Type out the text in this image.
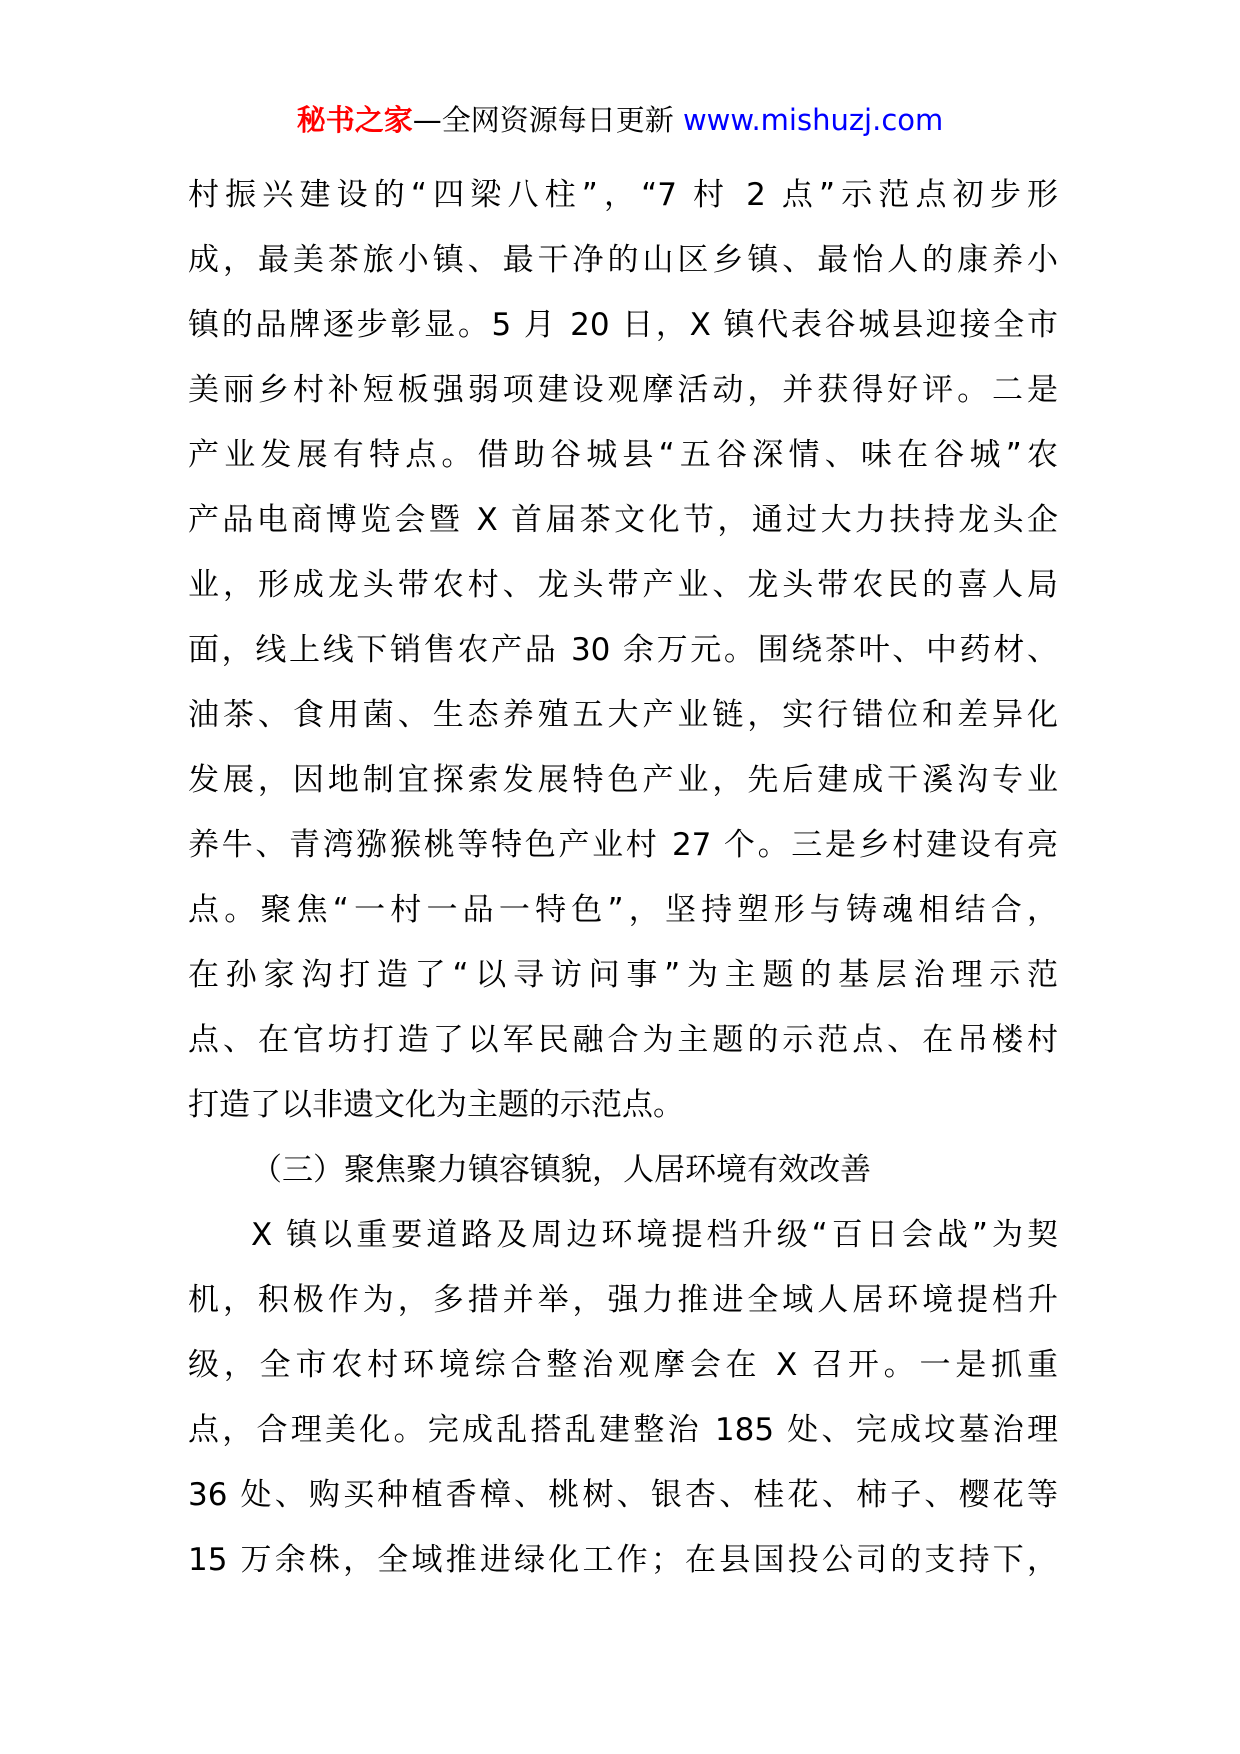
秘书之家—全网资源每日更新 www.mishuzj.com
村振兴建设的“四梁八柱”，“7 村 2 点”示范点初步形
成，最美茶旅小镇、最干净的山区乡镇、最怡人的康养小
镇的品牌逐步彰显。5 月 20 日，X 镇代表谷城县迎接全市
美丽乡村补短板强弱项建设观摩活动，并获得好评。二是
产业发展有特点。借助谷城县“五谷深情、味在谷城”农
产品电商博览会暨 X 首届茶文化节，通过大力扶持龙头企
业，形成龙头带农村、龙头带产业、龙头带农民的喜人局
面，线上线下销售农产品 30 余万元。围绕茶叶、中药材、
油茶、食用菌、生态养殖五大产业链，实行错位和差异化
发展，因地制宜探索发展特色产业，先后建成干溪沟专业
养牛、青湾猕猴桃等特色产业村 27 个。三是乡村建设有亮
点。聚焦“一村一品一特色”，坚持塑形与铸魂相结合，
在孙家沟打造了“以寻访问事”为主题的基层治理示范
点、在官坊打造了以军民融合为主题的示范点、在吊楼村
打造了以非遗文化为主题的示范点。
（三）聚焦聚力镇容镇貌，人居环境有效改善
X 镇以重要道路及周边环境提档升级“百日会战”为契
机，积极作为，多措并举，强力推进全域人居环境提档升
级，全市农村环境综合整治观摩会在 X 召开。一是抓重
点，合理美化。完成乱搭乱建整治 185 处、完成坟墓治理
36 处、购买种植香樟、桃树、银杏、桂花、柿子、樱花等
15 万余株，全域推进绿化工作；在县国投公司的支持下，
